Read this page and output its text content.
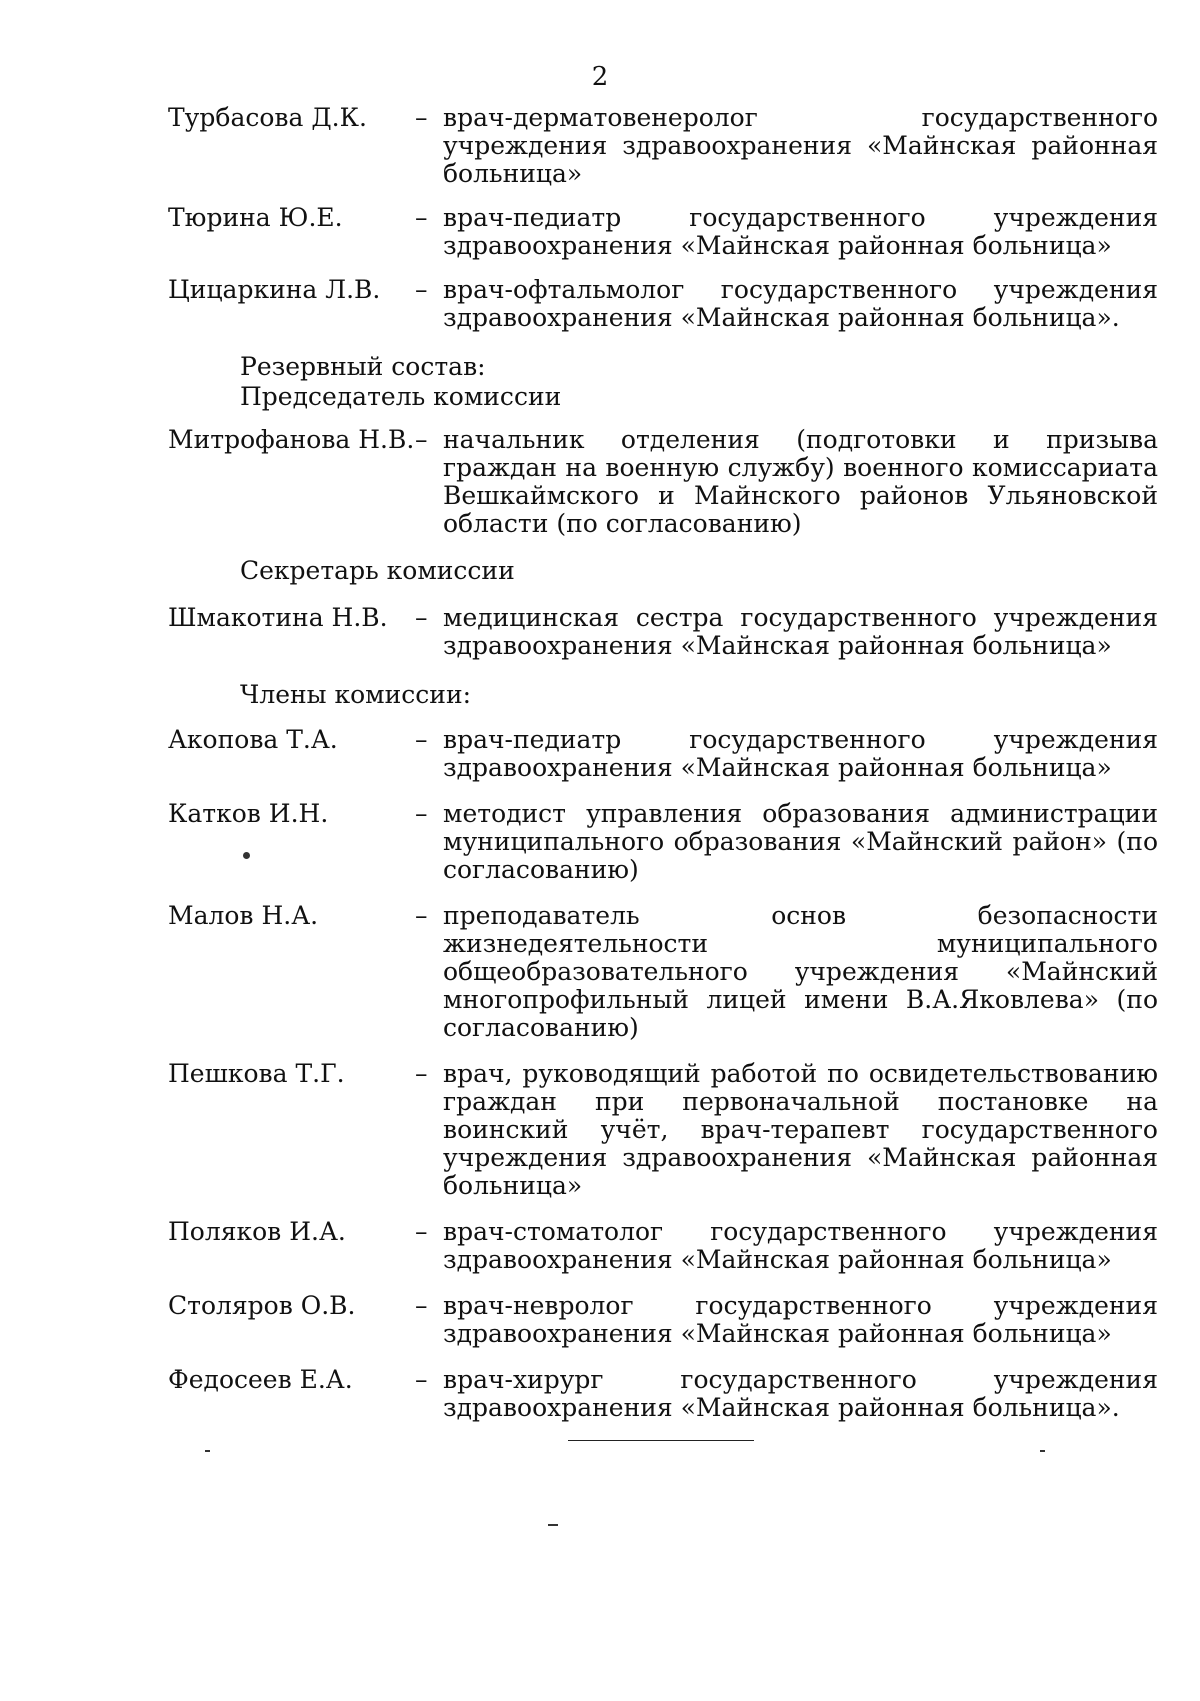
2
Турбасова Д.К.	– врач-дерматовенеролог государственного учреждения здравоохранения «Майнская районная больница»
Тюрина Ю.Е.	– врач-педиатр государственного учреждения здравоохранения «Майнская районная больница»
Цицаркина Л.В.	– врач-офтальмолог государственного учреждения здравоохранения «Майнская районная больница».
Резервный состав:
Председатель комиссии
Митрофанова Н.В. – начальник отделения (подготовки и призыва граждан на военную службу) военного комиссариата Вешкаймского и Майнского районов Ульяновской области (по согласованию)
Секретарь комиссии
Шмакотина Н.В.	– медицинская сестра государственного учреждения здравоохранения «Майнская районная больница»
Члены комиссии:
Акопова Т.А.	– врач-педиатр государственного учреждения здравоохранения «Майнская районная больница»
Катков И.Н.	– методист управления образования администрации муниципального образования «Майнский район» (по согласованию)
Малов Н.А.	– преподаватель основ безопасности жизнедеятельности муниципального общеобразовательного учреждения «Майнский многопрофильный лицей имени В.А.Яковлева» (по согласованию)
Пешкова Т.Г.	– врач, руководящий работой по освидетельствованию граждан при первоначальной постановке на воинский учёт, врач-терапевт государственного учреждения здравоохранения «Майнская районная больница»
Поляков И.А.	– врач-стоматолог государственного учреждения здравоохранения «Майнская районная больница»
Столяров О.В.	– врач-невролог государственного учреждения здравоохранения «Майнская районная больница»
Федосеев Е.А.	– врач-хирург государственного учреждения здравоохранения «Майнская районная больница».
